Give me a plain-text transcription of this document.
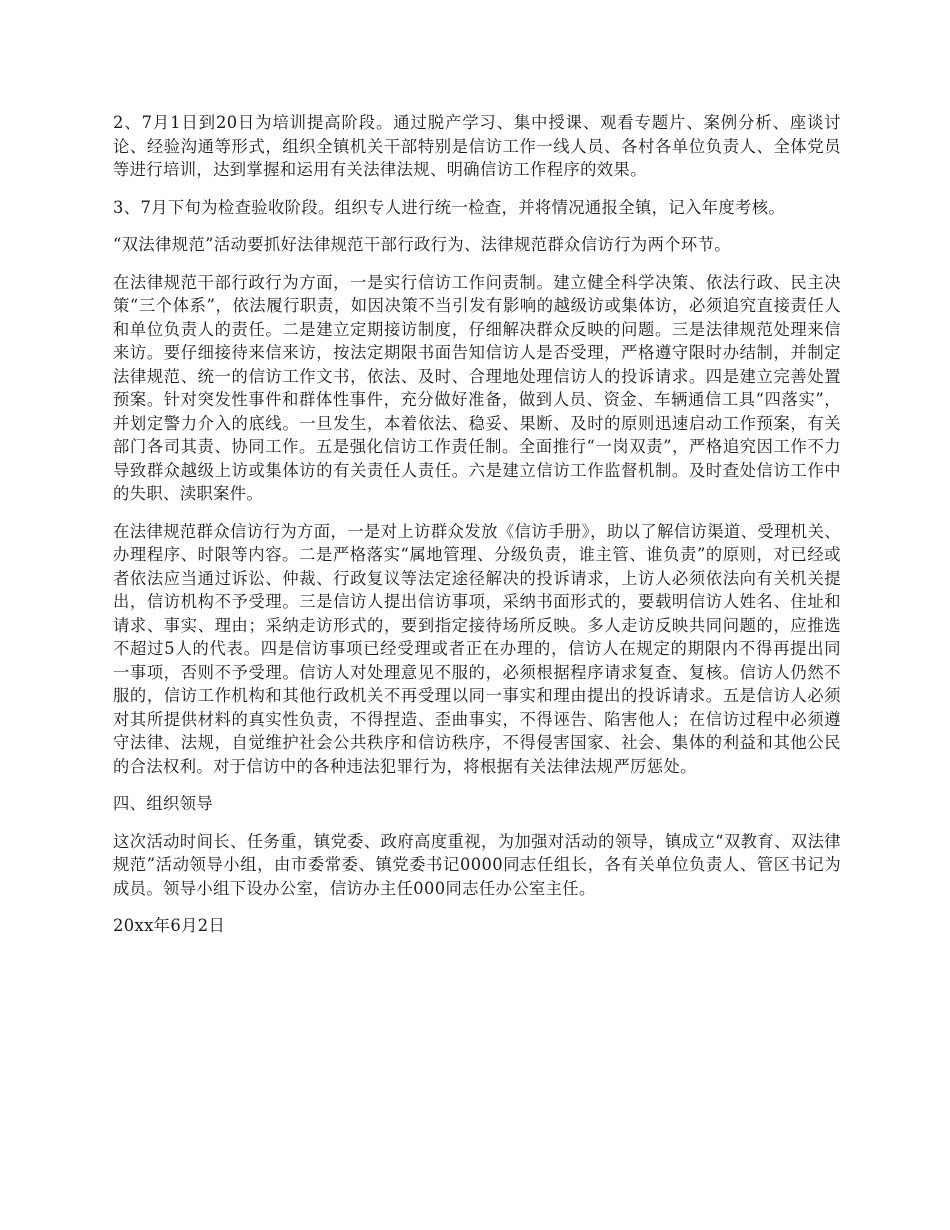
2、7月1日到20日为培训提高阶段。通过脱产学习、集中授课、观看专题片、案例分析、座谈讨论、经验沟通等形式，组织全镇机关干部特别是信访工作一线人员、各村各单位负责人、全体党员等进行培训，达到掌握和运用有关法律法规、明确信访工作程序的效果。

3、7月下旬为检查验收阶段。组织专人进行统一检查，并将情况通报全镇，记入年度考核。

“双法律规范”活动要抓好法律规范干部行政行为、法律规范群众信访行为两个环节。

在法律规范干部行政行为方面，一是实行信访工作问责制。建立健全科学决策、依法行政、民主决策“三个体系”，依法履行职责，如因决策不当引发有影响的越级访或集体访，必须追究直接责任人和单位负责人的责任。二是建立定期接访制度，仔细解决群众反映的问题。三是法律规范处理来信来访。要仔细接待来信来访，按法定期限书面告知信访人是否受理，严格遵守限时办结制，并制定法律规范、统一的信访工作文书，依法、及时、合理地处理信访人的投诉请求。四是建立完善处置预案。针对突发性事件和群体性事件，充分做好准备，做到人员、资金、车辆通信工具“四落实”，并划定警力介入的底线。一旦发生，本着依法、稳妥、果断、及时的原则迅速启动工作预案，有关部门各司其责、协同工作。五是强化信访工作责任制。全面推行“一岗双责”，严格追究因工作不力导致群众越级上访或集体访的有关责任人责任。六是建立信访工作监督机制。及时查处信访工作中的失职、渎职案件。

在法律规范群众信访行为方面，一是对上访群众发放《信访手册》，助以了解信访渠道、受理机关、办理程序、时限等内容。二是严格落实“属地管理、分级负责，谁主管、谁负责”的原则，对已经或者依法应当通过诉讼、仲裁、行政复议等法定途径解决的投诉请求，上访人必须依法向有关机关提出，信访机构不予受理。三是信访人提出信访事项，采纳书面形式的，要载明信访人姓名、住址和请求、事实、理由；采纳走访形式的，要到指定接待场所反映。多人走访反映共同问题的，应推选不超过5人的代表。四是信访事项已经受理或者正在办理的，信访人在规定的期限内不得再提出同一事项，否则不予受理。信访人对处理意见不服的，必须根据程序请求复查、复核。信访人仍然不服的，信访工作机构和其他行政机关不再受理以同一事实和理由提出的投诉请求。五是信访人必须对其所提供材料的真实性负责，不得捏造、歪曲事实，不得诬告、陷害他人；在信访过程中必须遵守法律、法规，自觉维护社会公共秩序和信访秩序，不得侵害国家、社会、集体的利益和其他公民的合法权利。对于信访中的各种违法犯罪行为，将根据有关法律法规严厉惩处。

四、组织领导

这次活动时间长、任务重，镇党委、政府高度重视，为加强对活动的领导，镇成立“双教育、双法律规范”活动领导小组，由市委常委、镇党委书记0000同志任组长，各有关单位负责人、管区书记为成员。领导小组下设办公室，信访办主任000同志任办公室主任。

20xx年6月2日
